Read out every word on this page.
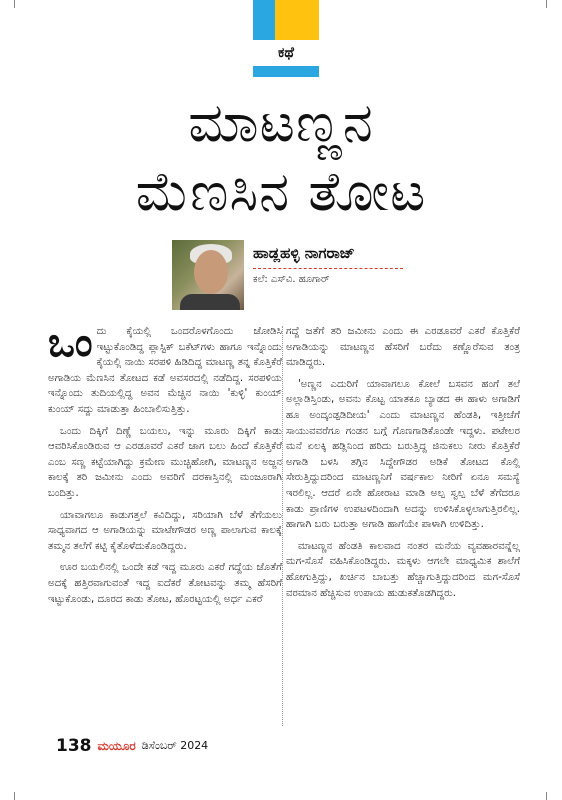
ಕಥೆ
ಮಾಟಣ್ಣನ
ಮೆಣಸಿನ ತೋಟ
ಹಾಡ್ಲಹಳ್ಳಿ ನಾಗರಾಜ್
ಕಲೆ: ಎಸ್‌ವಿ. ಹೂಗಾರ್

ಒಂದು ಕೈಯಲ್ಲಿ ಒಂದರೊಳಗೊಂದು ಜೋಡಿಸಿ ಇಟ್ಟುಕೊಂಡಿದ್ದ ಪ್ಲಾಸ್ಟಿಕ್ ಬಕೆಟ್‌ಗಳು ಹಾಗೂ ಇನ್ನೊಂದು ಕೈಯಲ್ಲಿ ನಾಯಿ ಸರಪಳಿ ಹಿಡಿದಿದ್ದ ಮಾಟಣ್ಣ ತನ್ನ ಕೊತ್ತಿಕೆರೆ ಅಗಾಡಿಯ ಮೆಣಸಿನ ತೋಟದ ಕಡೆ ಅವಸರದಲ್ಲಿ ನಡೆದಿದ್ದ. ಸರಪಳಿಯ ಇನ್ನೊಂದು ತುದಿಯಲ್ಲಿದ್ದ ಅವನ ಮೆಚ್ಚಿನ ನಾಯಿ 'ಕುಳ್ಳಿ' ಕುಂಯ್ ಕುಂಯ್ ಸದ್ದು ಮಾಡುತ್ತಾ ಹಿಂಬಾಲಿಸುತ್ತಿತ್ತು.

ಒಂದು ದಿಕ್ಕಿಗೆ ದಿಣ್ಣೆ ಬಯಲು, ಇನ್ನು ಮೂರು ದಿಕ್ಕಿಗೆ ಕಾಡು ಆವರಿಸಿಕೊಂಡಿರುವ ಆ ಎರಡೂವರೆ ಎಕರೆ ಜಾಗ ಬಲು ಹಿಂದೆ ಕೊತ್ತಿಕೆರೆ ಎಂಬ ಸಣ್ಣ ಕಟ್ಟೆಯಾಗಿದ್ದು ಕ್ರಮೇಣ ಮುಚ್ಚಿಹೋಗಿ, ಮಾಟಣ್ಣನ ಅಜ್ಜನ ಕಾಲಕ್ಕೆ ತರಿ ಜಮೀನು ಎಂದು ಅವರಿಗೆ ದರಕಾಸ್ತಿನಲ್ಲಿ ಮಂಜೂರಾಗಿ ಬಂದಿತ್ತು.

ಯಾವಾಗಲೂ ಕಾಡುಗತ್ತಲೆ ಕವಿದಿದ್ದು, ಸರಿಯಾಗಿ ಬೆಳೆ ತೆಗೆಯಲು ಸಾಧ್ಯವಾಗದ ಆ ಅಗಾಡಿಯನ್ನು ಮಾಟೇಗೌಡರ ಅಣ್ಣ ಪಾಲಾಗುವ ಕಾಲಕ್ಕೆ ತಮ್ಮನ ತಲೆಗೆ ಕಟ್ಟಿ ಕೈತೊಳೆದುಕೊಂಡಿದ್ದರು.

ಊರ ಬಯಲಿನಲ್ಲಿ ಒಂದೇ ಕಡೆ ಇದ್ದ ಮೂರು ಎಕರೆ ಗದ್ದೆಯ ಜೊತೆಗೆ ಅದಕ್ಕೆ ಹತ್ತಿರವಾಗುವಂತೆ ಇದ್ದ ಐದೆಕರೆ ತೋಟವನ್ನು ತಮ್ಮ ಹೆಸರಿಗೆ ಇಟ್ಟುಕೊಂಡು, ದೂರದ ಕಾಡು ತೋಟ, ಹೊರಟ್ಟಯಲ್ಲಿ ಅರ್ಧ ಎಕರೆ

ಗದ್ದೆ ಜತೆಗೆ ತರಿ ಜಮೀನು ಎಂದು ಈ ಎರಡೂವರೆ ಎಕರೆ ಕೊತ್ತಿಕೆರೆ ಅಗಾಡಿಯನ್ನು ಮಾಟಣ್ಣನ ಹೆಸರಿಗೆ ಬರೆದು ಕಣ್ಣೊರೆಸುವ ತಂತ್ರ ಮಾಡಿದ್ದರು.

'ಅಣ್ಣನ ಎದುರಿಗೆ ಯಾವಾಗಲೂ ಕೋಲೆ ಬಸವನ ಹಂಗೆ ತಲೆ ಅಲ್ಲಾಡಿಸ್ತಿಂಡು, ಅವನು ಕೊಟ್ಟ ಯಾತಕೂ ಬ್ಯಾಡದ ಈ ಹಾಳು ಅಗಾಡಿಗೆ ಹೂ ಅಂದ್ಕಂಡ್ಪಡಿದೀಯ' ಎಂದು ಮಾಟಣ್ಣನ ಹೆಂಡತಿ, ಇತ್ತೀಚೆಗೆ ಸಾಯುವವರೆಗೂ ಗಂಡನ ಬಗ್ಗೆ ಗೊಣಗಾಡಿಕೊಂಡೇ ಇದ್ದಳು. ಪಟೇಲರ ಮನೆ ಏಲಕ್ಕಿ ಹಡ್ಲಿನಿಂದ ಹರಿದು ಬರುತ್ತಿದ್ದ ಜಿನುಕಲು ನೀರು ಕೊತ್ತಿಕೆರೆ ಅಗಾಡಿ ಬಳಸಿ ತಗ್ಗಿನ ಸಿದ್ದೇಗೌಡರ ಅಡಿಕೆ ತೋಟದ ಕೊಲ್ಲಿ ಸೇರುತ್ತಿದ್ದುದರಿಂದ ಮಾಟಣ್ಣನಿಗೆ ವರ್ಷಕಾಲ ನೀರಿಗೆ ಏನೂ ಸಮಸ್ಯೆ ಇರಲಿಲ್ಲ. ಆದರೆ ಏನೇ ಹೋರಾಟ ಮಾಡಿ ಅಲ್ಪ ಸ್ವಲ್ಪ ಬೆಳೆ ತೆಗೆದರೂ ಕಾಡು ಪ್ರಾಣಿಗಳ ಉಪಟಳದಿಂದಾಗಿ ಅದನ್ನು ಉಳಿಸಿಕೊಳ್ಳಲಾಗುತ್ತಿರಲಿಲ್ಲ. ಹಾಗಾಗಿ ಬರು ಬರುತ್ತಾ ಅಗಾಡಿ ಹಾಗೆಯೇ ಪಾಳಾಗಿ ಉಳಿದಿತ್ತು.

ಮಾಟಣ್ಣನ ಹೆಂಡತಿ ಕಾಲವಾದ ನಂತರ ಮನೆಯ ವ್ಯವಹಾರವನ್ನೆಲ್ಲ ಮಗ-ಸೊಸೆ ವಹಿಸಿಕೊಂಡಿದ್ದರು. ಮಕ್ಕಳು ಆಗಲೇ ಮಾಧ್ಯಮಿಕ ಶಾಲೆಗೆ ಹೋಗುತ್ತಿದ್ದು, ಖರ್ಚಿನ ಬಾಬತ್ತು ಹೆಚ್ಚಾಗುತ್ತಿದ್ದುದರಿಂದ ಮಗ-ಸೊಸೆ ವರಮಾನ ಹೆಚ್ಚಿಸುವ ಉಪಾಯ ಹುಡುಕತೊಡಗಿದ್ದರು.

138 ಮಯೂರ ಡಿಸೆಂಬರ್ 2024
